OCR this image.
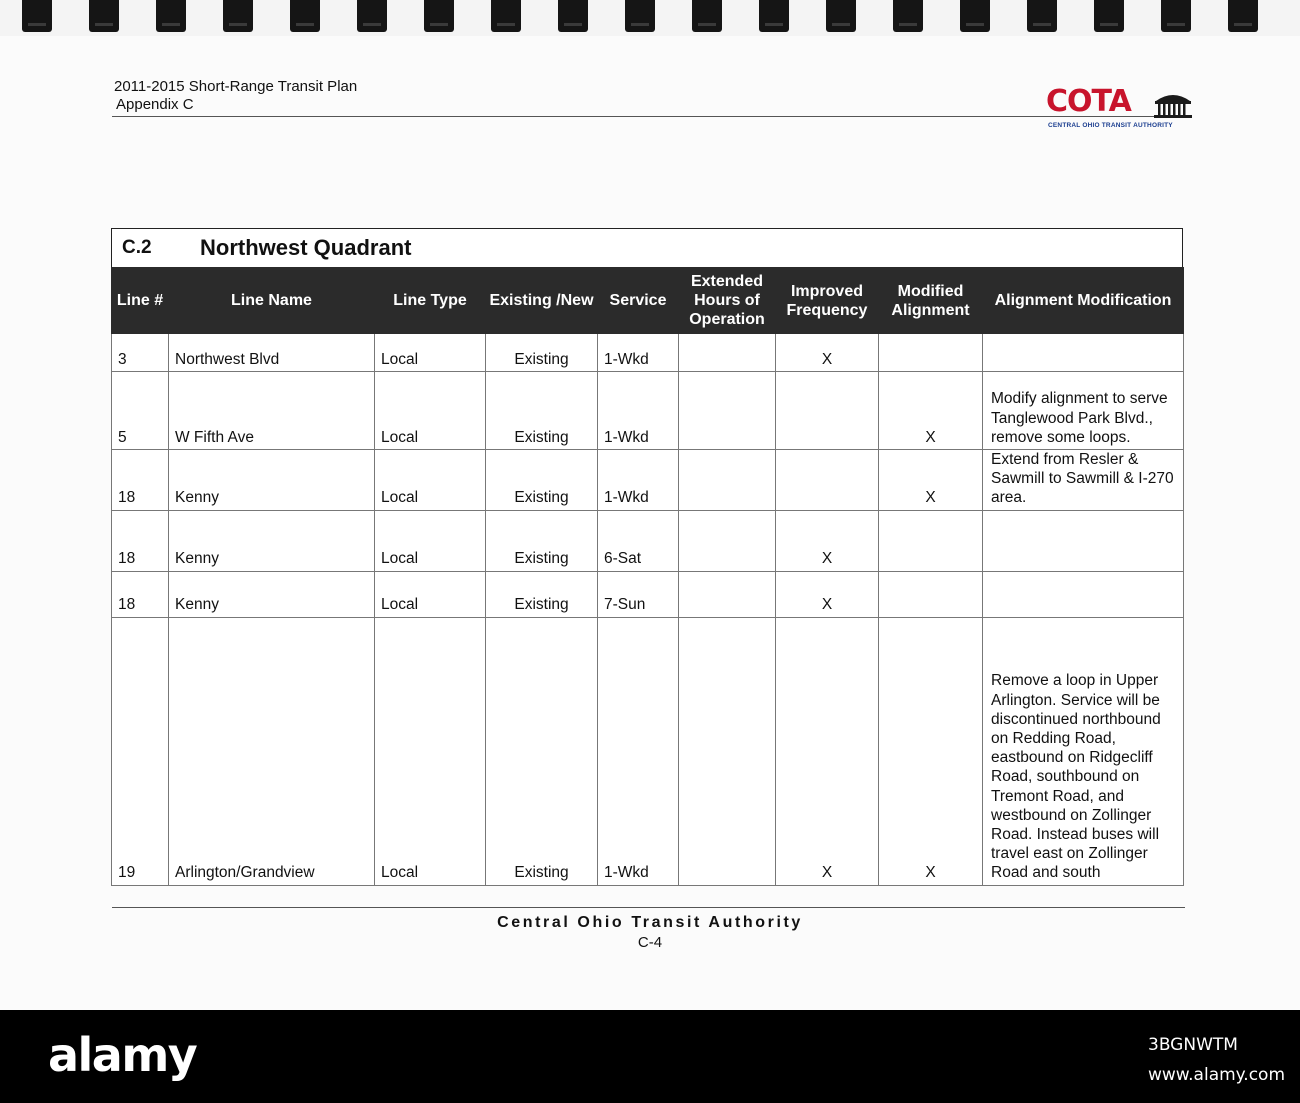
2011-2015 Short-Range Transit Plan
Appendix C	COTA
CENTRAL OHIO TRANSIT AUTHORITY
C.2	Northwest Quadrant
Line #	Line Name	Line Type	Existing /New	Service	Extended Hours of Operation	Improved Frequency	Modified Alignment	Alignment Modification
3	Northwest Blvd	Local	Existing	1-Wkd		X		
5	W Fifth Ave	Local	Existing	1-Wkd			X	Modify alignment to serve Tanglewood Park Blvd., remove some loops.
18	Kenny	Local	Existing	1-Wkd			X	Extend from Resler & Sawmill to Sawmill & I-270 area.
18	Kenny	Local	Existing	6-Sat		X		
18	Kenny	Local	Existing	7-Sun		X		
19	Arlington/Grandview	Local	Existing	1-Wkd		X	X	Remove a loop in Upper Arlington. Service will be discontinued northbound
on Redding Road, eastbound on Ridgecliff Road, southbound on Tremont Road, and westbound on Zollinger Road. Instead buses will travel east on Zollinger Road and south
Central Ohio Transit Authority
C-4
alamy	3BGNWTM
www.alamy.com
